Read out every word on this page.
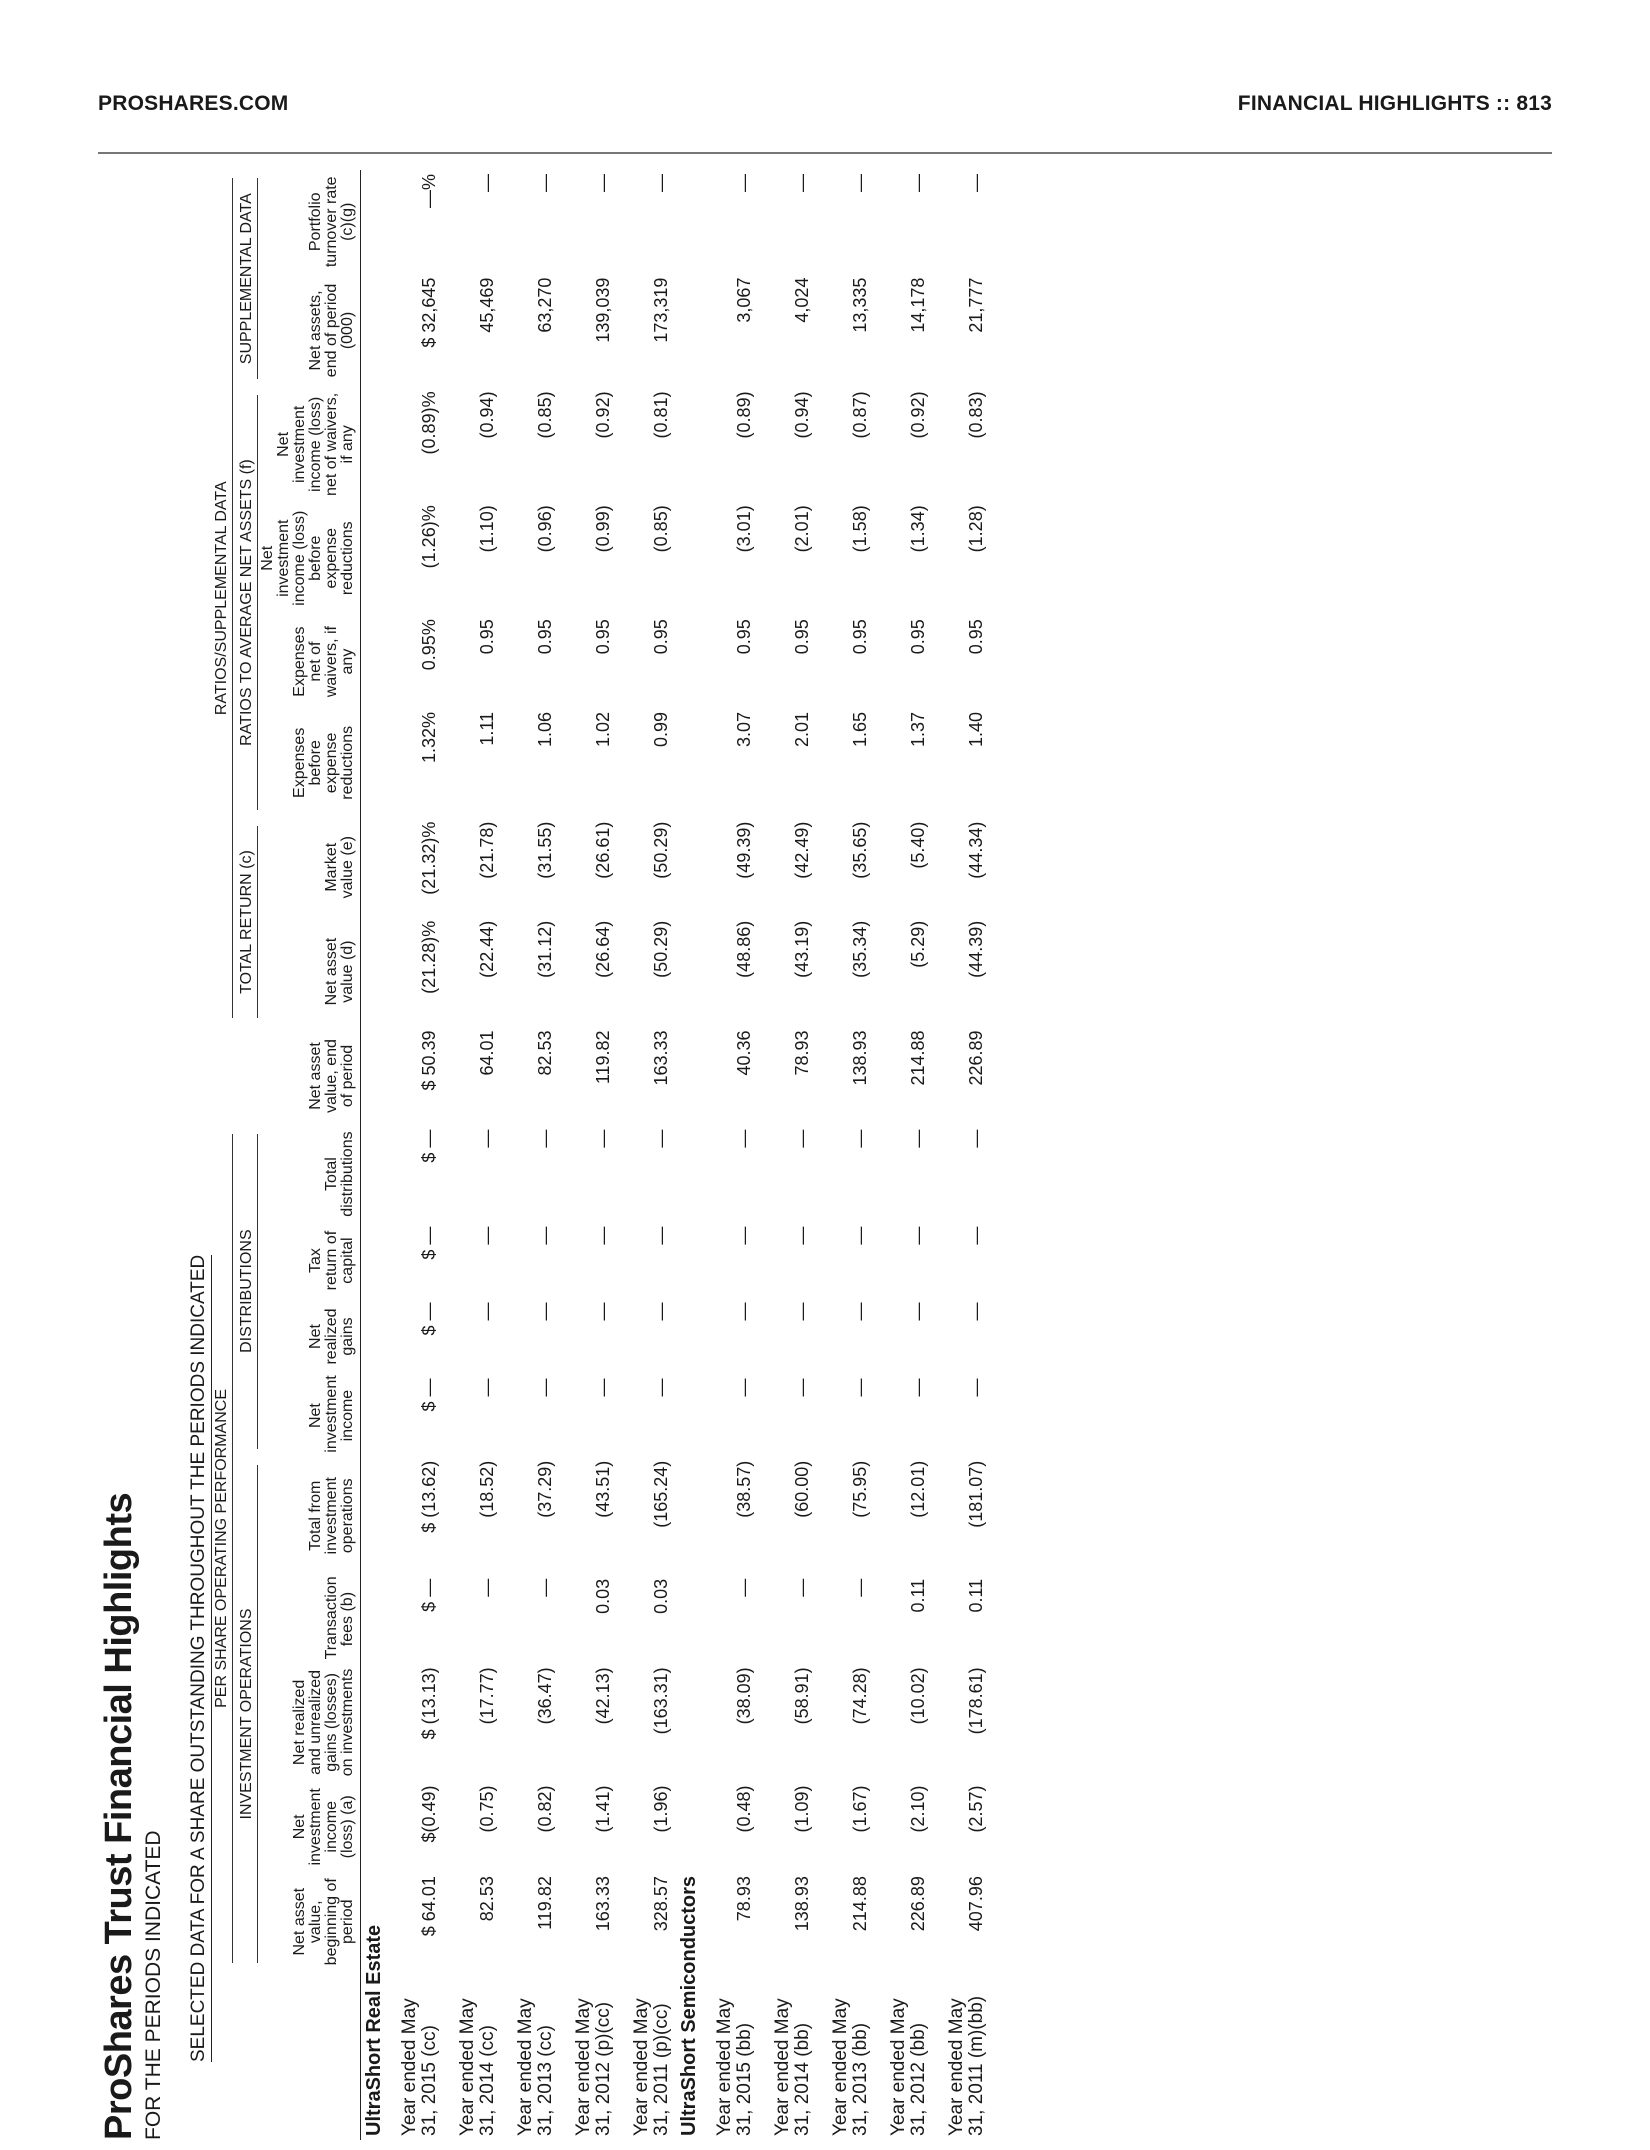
PROSHARES.COM	FINANCIAL HIGHLIGHTS :: 813
ProShares Trust Financial Highlights FOR THE PERIODS INDICATED SELECTED DATA FOR A SHARE OUTSTANDING THROUGHOUT THE PERIODS INDICATED

	PER SHARE OPERATING PERFORMANCE										RATIOS/SUPPLEMENTAL DATA							

	INVESTMENT OPERATIONS					DISTRIBUTIONS					TOTAL RETURN (c)		RATIOS TO AVERAGE NET ASSETS (f)				SUPPLEMENTAL DATA	

	Net asset value, beginning of period	Net investment income (loss) (a)	Net realized and unrealized gains (losses) on investments	Transaction fees (b)	Total from investment operations	Net investment income	Net realized gains	Tax return of capital	Total distributions	Net asset value, end of period	Net asset value (d)	Market value (e)	Expenses before expense reductions	Expenses net of waivers, if any	Net investment income (loss) before expense reductions	Net investment income (loss) net of waivers, if any	Net assets, end of period (000)	Portfolio turnover rate (c)(g)
UltraShort Real Estate																		
Year ended May 31, 2015 (cc)	$ 64.01	$(0.49)	$ (13.13)	$ —	$ (13.62)	$ —	$ —	$ —	$ —	$ 50.39	(21.28)%	(21.32)%	1.32%	0.95%	(1.26)%	(0.89)%	$ 32,645	—%
Year ended May 31, 2014 (cc)	82.53	(0.75)	(17.77)	—	(18.52)	—	—	—	—	64.01	(22.44)	(21.78)	1.11	0.95	(1.10)	(0.94)	45,469	—
Year ended May 31, 2013 (cc)	119.82	(0.82)	(36.47)	—	(37.29)	—	—	—	—	82.53	(31.12)	(31.55)	1.06	0.95	(0.96)	(0.85)	63,270	—
Year ended May 31, 2012 (p)(cc)	163.33	(1.41)	(42.13)	0.03	(43.51)	—	—	—	—	119.82	(26.64)	(26.61)	1.02	0.95	(0.99)	(0.92)	139,039	—
Year ended May 31, 2011 (p)(cc)	328.57	(1.96)	(163.31)	0.03	(165.24)	—	—	—	—	163.33	(50.29)	(50.29)	0.99	0.95	(0.85)	(0.81)	173,319	—
UltraShort Semiconductors																		
Year ended May 31, 2015 (bb)	78.93	(0.48)	(38.09)	—	(38.57)	—	—	—	—	40.36	(48.86)	(49.39)	3.07	0.95	(3.01)	(0.89)	3,067	—
Year ended May 31, 2014 (bb)	138.93	(1.09)	(58.91)	—	(60.00)	—	—	—	—	78.93	(43.19)	(42.49)	2.01	0.95	(2.01)	(0.94)	4,024	—
Year ended May 31, 2013 (bb)	214.88	(1.67)	(74.28)	—	(75.95)	—	—	—	—	138.93	(35.34)	(35.65)	1.65	0.95	(1.58)	(0.87)	13,335	—
Year ended May 31, 2012 (bb)	226.89	(2.10)	(10.02)	0.11	(12.01)	—	—	—	—	214.88	(5.29)	(5.40)	1.37	0.95	(1.34)	(0.92)	14,178	—
Year ended May 31, 2011 (m)(bb)	407.96	(2.57)	(178.61)	0.11	(181.07)	—	—	—	—	226.89	(44.39)	(44.34)	1.40	0.95	(1.28)	(0.83)	21,777	—
